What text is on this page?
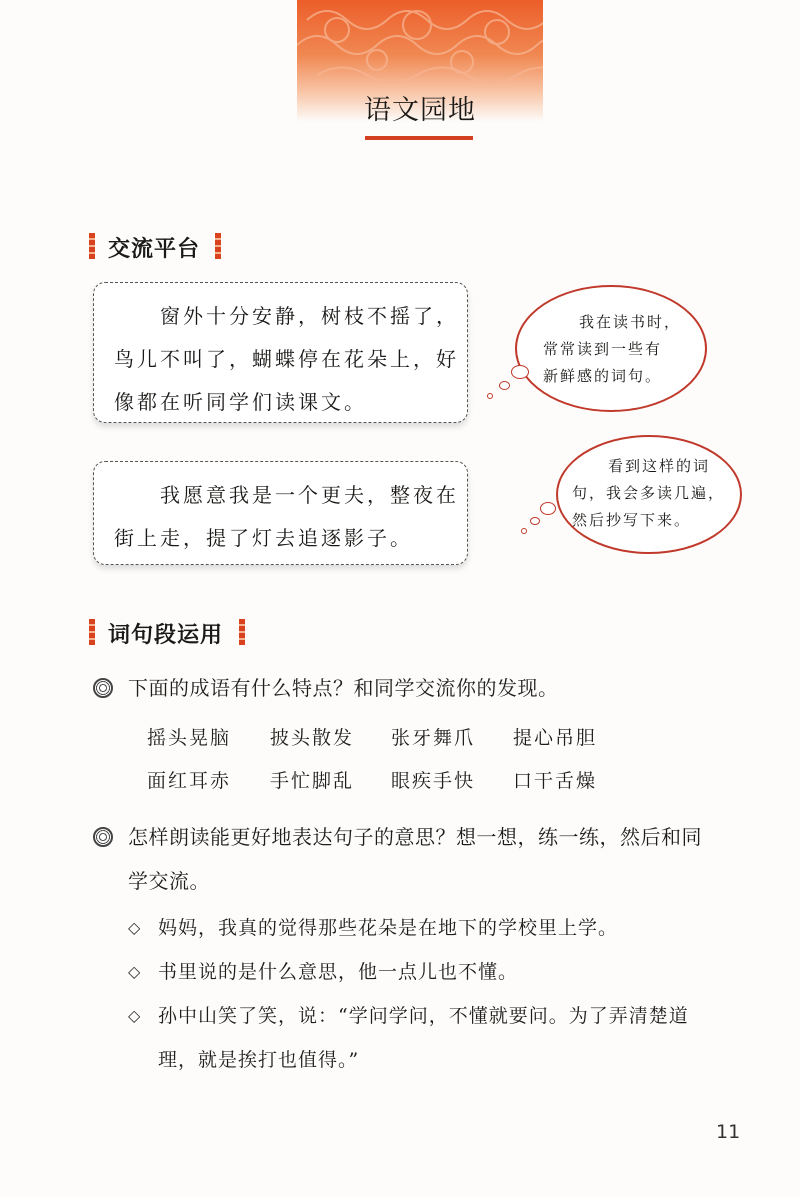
语文园地
交流平台
　　窗外十分安静，树枝不摇了，
鸟儿不叫了，蝴蝶停在花朵上，好
像都在听同学们读课文。
我在读书时，
常常读到一些有
新鲜感的词句。
　　我愿意我是一个更夫，整夜在
街上走，提了灯去追逐影子。
看到这样的词
句，我会多读几遍，
然后抄写下来。
词句段运用
下面的成语有什么特点？和同学交流你的发现。
摇头晃脑 披头散发 张牙舞爪 提心吊胆
面红耳赤 手忙脚乱 眼疾手快 口干舌燥
怎样朗读能更好地表达句子的意思？想一想，练一练，然后和同
学交流。
◇ 妈妈，我真的觉得那些花朵是在地下的学校里上学。
◇ 书里说的是什么意思，他一点儿也不懂。
◇ 孙中山笑了笑，说：“学问学问，不懂就要问。为了弄清楚道
理，就是挨打也值得。”
11
